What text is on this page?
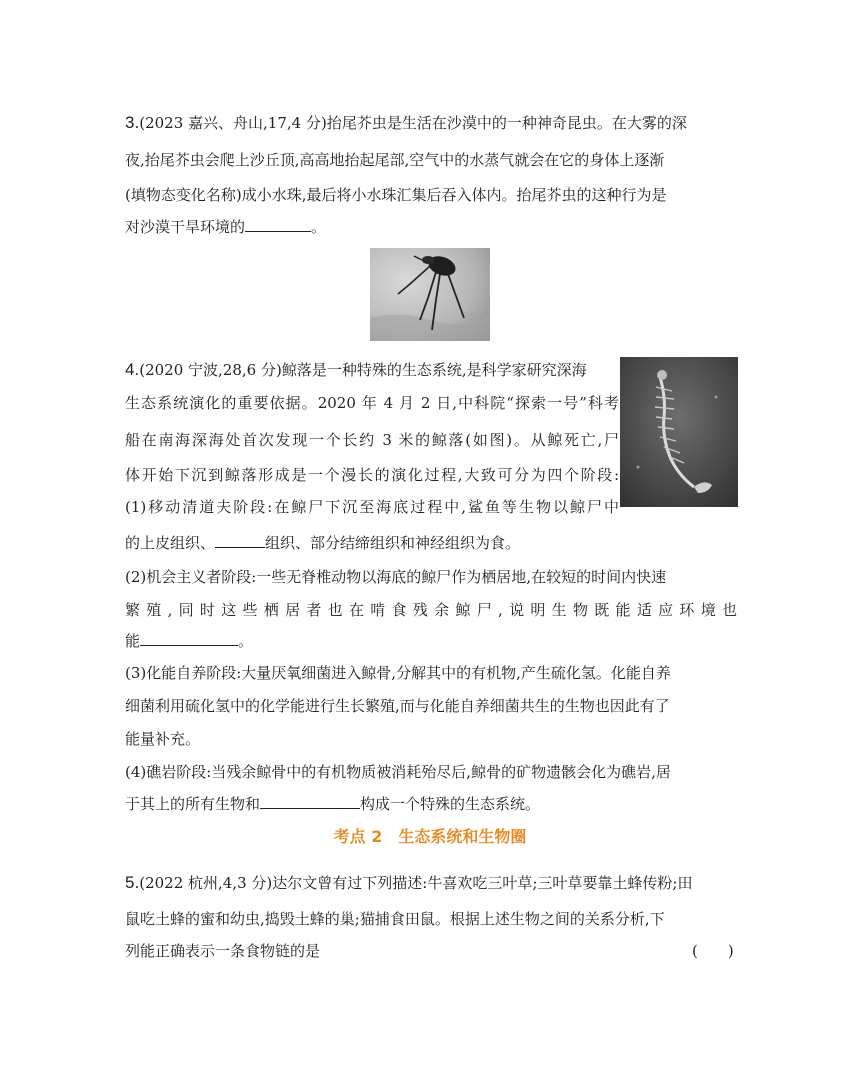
3.(2023 嘉兴、舟山,17,4 分)抬尾芥虫是生活在沙漠中的一种神奇昆虫。在大雾的深
夜,抬尾芥虫会爬上沙丘顶,高高地抬起尾部,空气中的水蒸气就会在它的身体上逐渐
(填物态变化名称)成小水珠,最后将小水珠汇集后吞入体内。抬尾芥虫的这种行为是
对沙漠干旱环境的	。
4.(2020 宁波,28,6 分)鲸落是一种特殊的生态系统,是科学家研究深海
生态系统演化的重要依据。2020 年 4 月 2 日,中科院“探索一号”科考
船在南海深海处首次发现一个长约 3 米的鲸落(如图)。从鲸死亡,尸
体开始下沉到鲸落形成是一个漫长的演化过程,大致可分为四个阶段:
(1)移动清道夫阶段:在鲸尸下沉至海底过程中,鲨鱼等生物以鲸尸中
的上皮组织、	组织、部分结缔组织和神经组织为食。
(2)机会主义者阶段:一些无脊椎动物以海底的鲸尸作为栖居地,在较短的时间内快速
繁殖,同时这些栖居者也在啃食残余鲸尸,说明生物既能适应环境也
能	。
(3)化能自养阶段:大量厌氧细菌进入鲸骨,分解其中的有机物,产生硫化氢。化能自养
细菌利用硫化氢中的化学能进行生长繁殖,而与化能自养细菌共生的生物也因此有了
能量补充。
(4)礁岩阶段:当残余鲸骨中的有机物质被消耗殆尽后,鲸骨的矿物遗骸会化为礁岩,居
于其上的所有生物和	构成一个特殊的生态系统。
考点 2　生态系统和生物圈
5.(2022 杭州,4,3 分)达尔文曾有过下列描述:牛喜欢吃三叶草;三叶草要靠土蜂传粉;田
鼠吃土蜂的蜜和幼虫,捣毁土蜂的巢;猫捕食田鼠。根据上述生物之间的关系分析,下
列能正确表示一条食物链的是	(　　)
